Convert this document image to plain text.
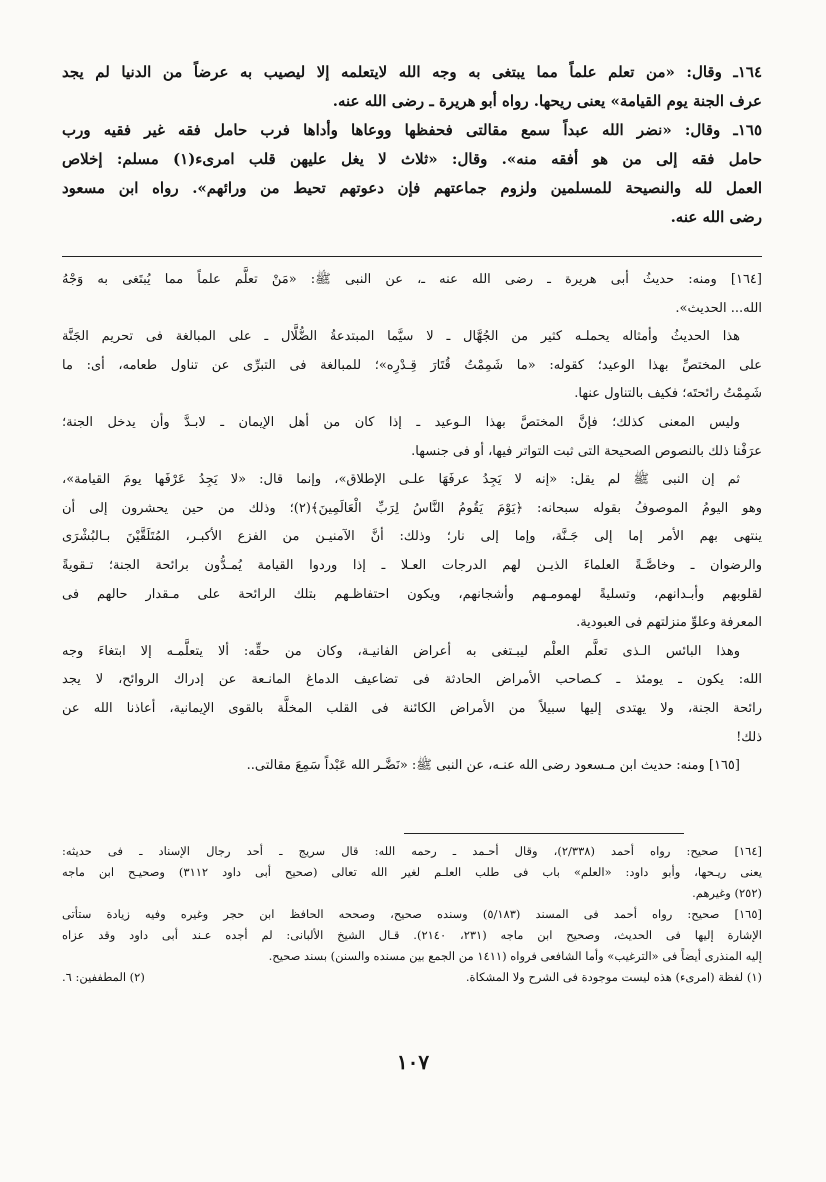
١٦٤ـ وقال: «من تعلم علماً مما يبتغى به وجه الله لايتعلمه إلا ليصيب به عرضاً من الدنيا لم يجد
عرف الجنة يوم القيامة» يعنى ريحها. رواه أبو هريرة ـ رضى الله عنه.
١٦٥ـ وقال: «نضر الله عبداً سمع مقالتى فحفظها ووعاها وأداها فرب حامل فقه غير فقيه ورب
حامل فقه إلى من هو أفقه منه». وقال: «ثلاث لا يغل عليهن قلب امرىء(١) مسلم: إخلاص
العمل لله والنصيحة للمسلمين ولزوم جماعتهم فإن دعوتهم تحيط من ورائهم». رواه ابن مسعود
رضى الله عنه.
[١٦٤] ومنه: حديثُ أبى هريرة ـ رضى الله عنه ـ، عن النبى ﷺ: «مَنْ تعلَّم علماً مما يُبتَغى به وَجْهُ
الله... الحديث».
هذا الحديثُ وأمثاله يحملـه كثير من الجُهَّال ـ لا سيَّما المبتدعةُ الضُّلَّال ـ على المبالغة فى تحريم الجَنَّة
على المختصِّ بهذا الوعيد؛ كقوله: «ما شَمِمْتُ قُتَارَ قِـدْرِه»؛ للمبالغة فى التبرِّى عن تناول طعامه، أى: ما
شَمِمْتُ رائحتَه؛ فكيف بالتناول عنها.
وليس المعنى كذلك؛ فإنَّ المختصَّ بهذا الـوعيد ـ إذا كان من أهل الإيمان ـ لابـدَّ وأن يدخل الجنة؛
عرَفْنا ذلك بالنصوص الصحيحة التى ثبت التواتر فيها، أو فى جنسها.
ثم إن النبى ﷺ لم يقل: «إنه لا يَجِدُ عرفَهَا علـى الإطلاق»، وإنما قال: «لا يَجِدُ عَرْفَها يومَ القيامة»،
وهو اليومُ الموصوفُ بقوله سبحانه: ﴿يَوْمَ يَقُومُ النَّاسُ لِرَبِّ الْعَالَمِينَ﴾(٢)؛ وذلك من حين يحشرون إلى أن
ينتهى بهم الأمر إما إلى جَـنَّة، وإما إلى نار؛ وذلك: أنَّ الآمنيـن من الفزع الأكبـر، المُتَلَقَّيْنَ بـالبُشْرَى
والرضوان ـ وخاصَّـةً العلماءَ الذيـن لهم الدرجات العـلا ـ إذا وردوا القيامة يُمـدُّون برائحة الجنة؛ تـقويةً
لقلوبهم وأبـدانهم، وتسليةً لهمومـهم وأشجانهم، ويكون احتفاظـهم بتلك الرائحة على مـقدار حالهم فى
المعرفة وعلوِّ منزلتهم فى العبودية.
وهذا البائس الـذى تعلَّم العلْم ليبـتغى به أعراض الفانيـة، وكان من حقِّه: ألا يتعلَّمـه إلا ابتغاءَ وجه
الله: يكون ـ يومئذ ـ كـصاحب الأمراض الحادثة فى تضاعيف الدماغ المانـعة عن إدراك الروائح، لا يجد
رائحة الجنة، ولا يهتدى إليها سبيلاً من الأمراض الكائنة فى القلب المخلَّة بالقوى الإيمانية، أعاذنا الله عن
ذلك!
[١٦٥] ومنه: حديث ابن مـسعود رضى الله عنـه، عن النبى ﷺ: «نَضَّـر الله عَبْداً سَمِعَ مقالتى..
[١٦٤] صحيح: رواه أحمد (٢/٣٣٨)، وقال أحـمد ـ رحمه الله: قال سريج ـ أحد رجال الإسناد ـ فى حديثه:
يعنى ريـحها، وأبو داود: «العلم» باب فى طلب العلـم لغير الله تعالى (صحيح أبى داود ٣١١٢) وصحيـح ابن ماجه
(٢٥٢) وغيرهم.
[١٦٥] صحيح: رواه أحمد فى المسند (٥/١٨٣) وسنده صحيح، وصححه الحافظ ابن حجر وغيره وفيه زيادة ستأتى
الإشارة إليها فى الحديث، وصحيح ابن ماجه (٢٣١، ٢١٤٠). قـال الشيخ الألبانى: لم أجده عـند أبى داود وقد عزاه
إليه المنذرى أيضاً فى «الترغيب» وأما الشافعى فرواه (١٤١١ من الجمع بين مسنده والسنن) بسند صحيح.
(١) لفظة (امرىء) هذه ليست موجودة فى الشرح ولا المشكاة.
(٢) المطففين: ٦.
١٠٧
